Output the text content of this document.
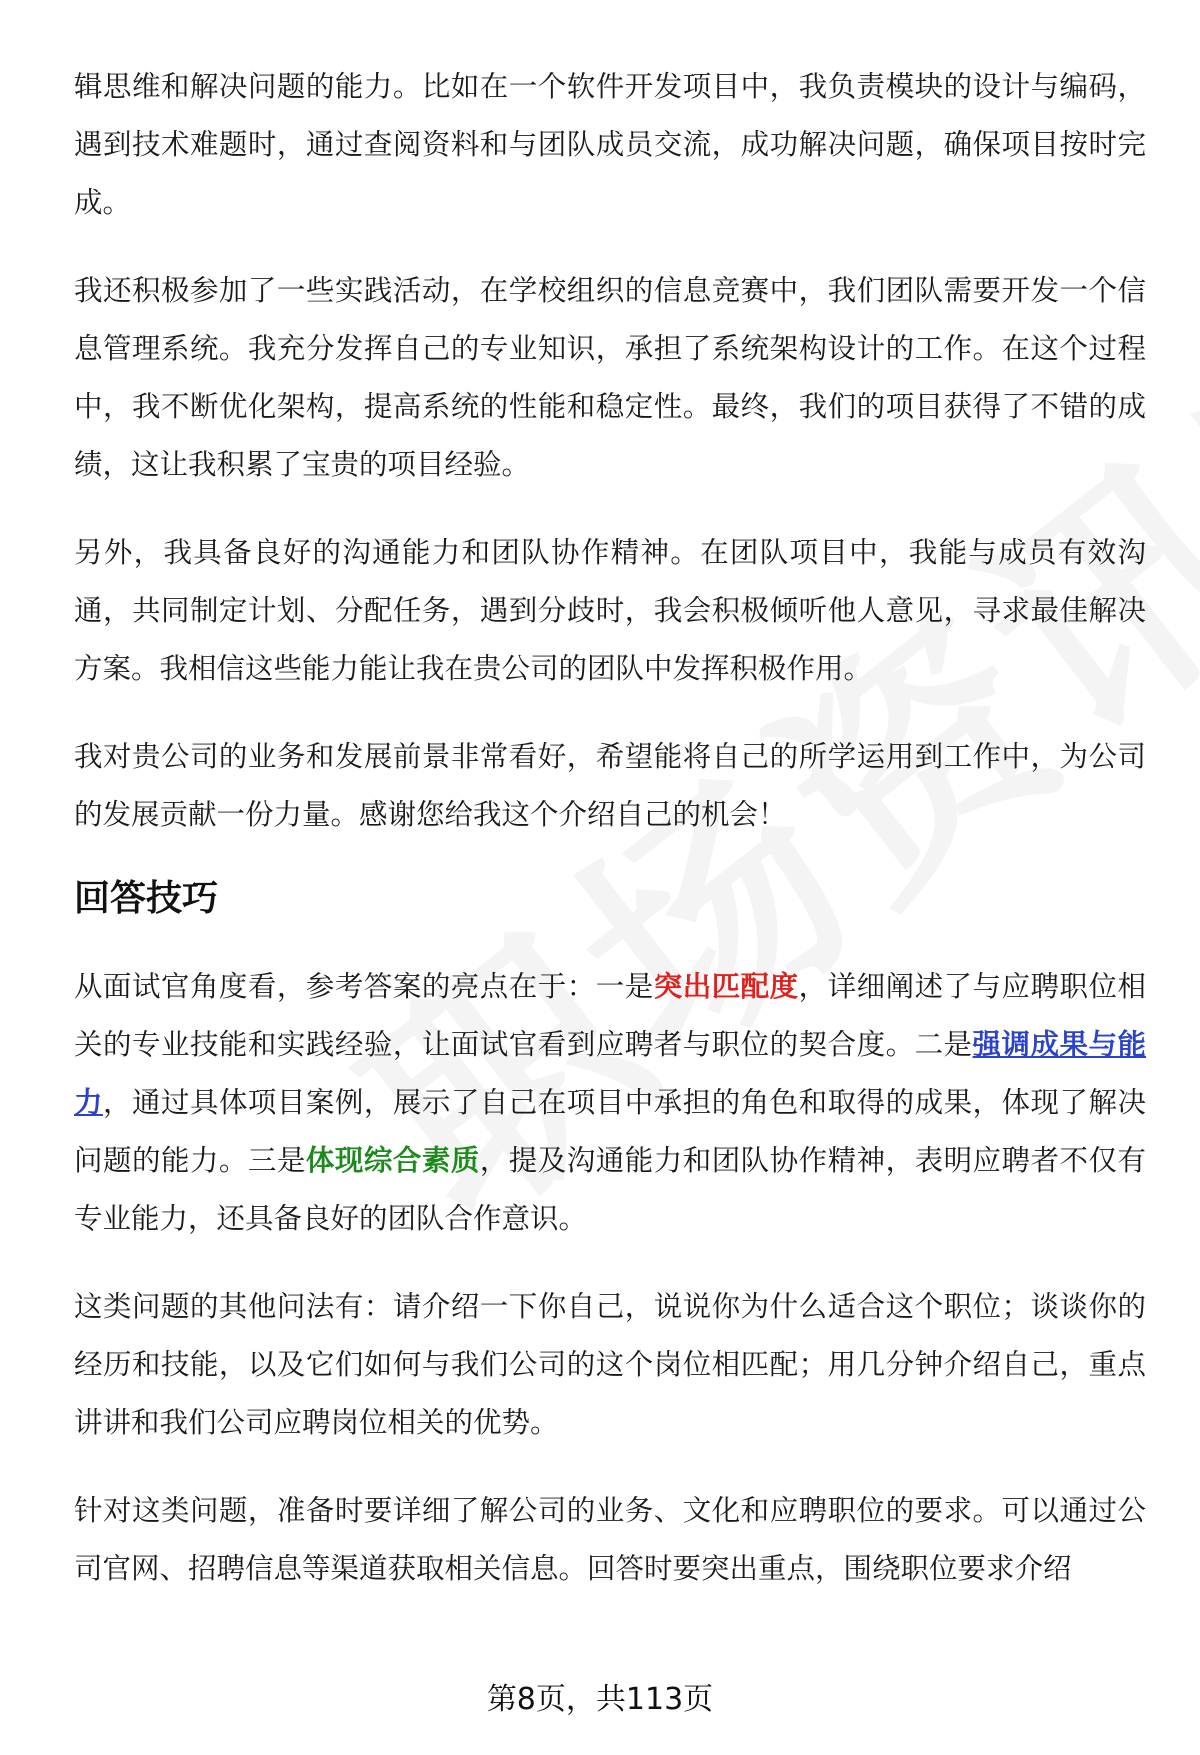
辑思维和解决问题的能力。比如在一个软件开发项目中，我负责模块的设计与编码，遇到技术难题时，通过查阅资料和与团队成员交流，成功解决问题，确保项目按时完成。

我还积极参加了一些实践活动，在学校组织的信息竞赛中，我们团队需要开发一个信息管理系统。我充分发挥自己的专业知识，承担了系统架构设计的工作。在这个过程中，我不断优化架构，提高系统的性能和稳定性。最终，我们的项目获得了不错的成绩，这让我积累了宝贵的项目经验。

另外，我具备良好的沟通能力和团队协作精神。在团队项目中，我能与成员有效沟通，共同制定计划、分配任务，遇到分歧时，我会积极倾听他人意见，寻求最佳解决方案。我相信这些能力能让我在贵公司的团队中发挥积极作用。

我对贵公司的业务和发展前景非常看好，希望能将自己的所学运用到工作中，为公司的发展贡献一份力量。感谢您给我这个介绍自己的机会！

回答技巧

从面试官角度看，参考答案的亮点在于：一是突出匹配度，详细阐述了与应聘职位相关的专业技能和实践经验，让面试官看到应聘者与职位的契合度。二是强调成果与能力，通过具体项目案例，展示了自己在项目中承担的角色和取得的成果，体现了解决问题的能力。三是体现综合素质，提及沟通能力和团队协作精神，表明应聘者不仅有专业能力，还具备良好的团队合作意识。

这类问题的其他问法有：请介绍一下你自己，说说你为什么适合这个职位；谈谈你的经历和技能，以及它们如何与我们公司的这个岗位相匹配；用几分钟介绍自己，重点讲讲和我们公司应聘岗位相关的优势。

针对这类问题，准备时要详细了解公司的业务、文化和应聘职位的要求。可以通过公司官网、招聘信息等渠道获取相关信息。回答时要突出重点，围绕职位要求介绍

第8页，共113页
